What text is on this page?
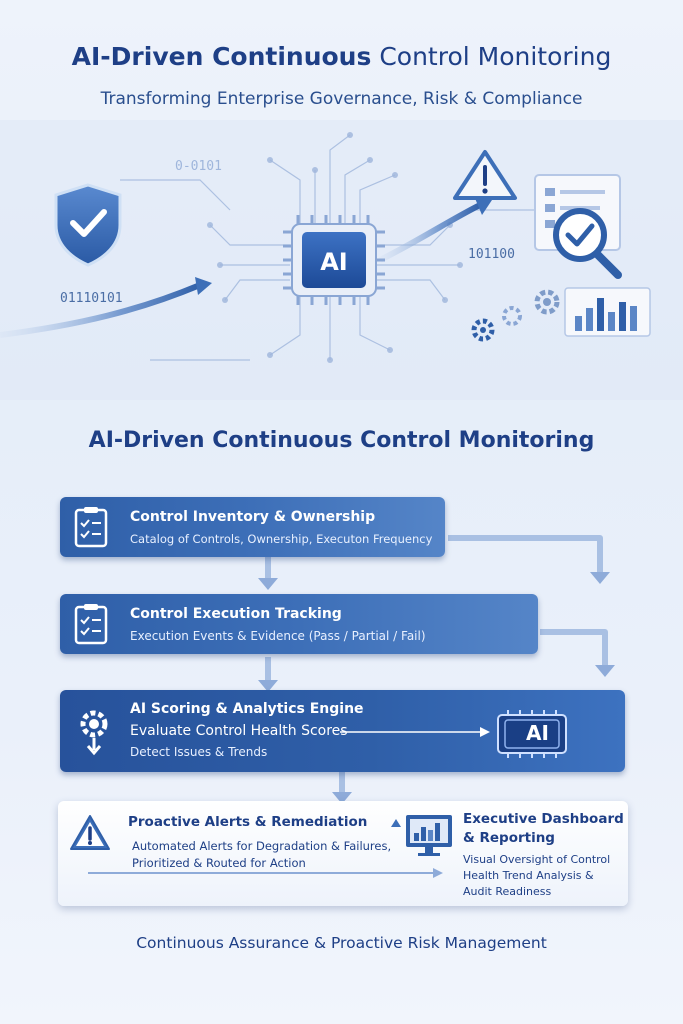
AI-Driven Continuous Control Monitoring
Transforming Enterprise Governance, Risk & Compliance
01110101
0-0101
101100
AI
AI-Driven Continuous Control Monitoring
Control Inventory & Ownership
Catalog of Controls, Ownership, Executon Frequency
Control Execution Tracking
Execution Events & Evidence (Pass / Partial / Fail)
AI Scoring & Analytics Engine
Evaluate Control Health Scores
Detect Issues & Trends
AI
Proactive Alerts & Remediation
Automated Alerts for Degradation & Failures,
Prioritized & Routed for Action
Executive Dashboard
& Reporting
Visual Oversight of Control
Health Trend Analysis &
Audit Readiness
Continuous Assurance & Proactive Risk Management
